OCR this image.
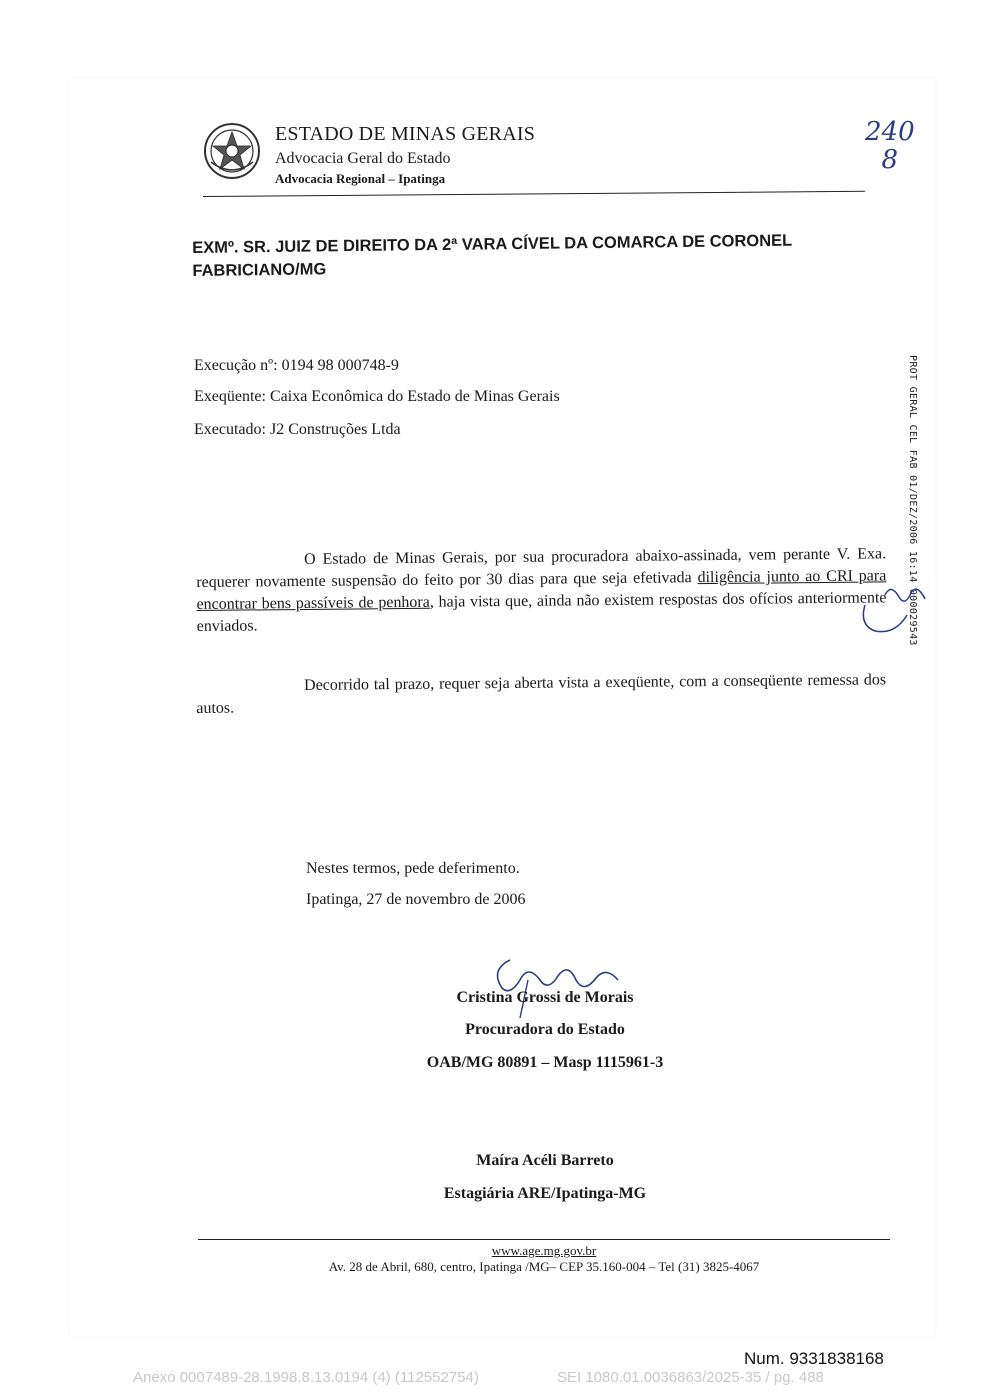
ESTADO DE MINAS GERAIS
Advocacia Geral do Estado
Advocacia Regional – Ipatinga
240
8
EXMº. SR. JUIZ DE DIREITO DA 2ª VARA CÍVEL DA COMARCA DE CORONEL FABRICIANO/MG
Execução nº: 0194 98 000748-9
Exeqüente: Caixa Econômica do Estado de Minas Gerais
Executado: J2 Construções Ltda	PROT GERAL CEL FAB 01/DEZ/2006 16:14 000029543
O Estado de Minas Gerais, por sua procuradora abaixo-assinada, vem perante V. Exa. requerer novamente suspensão do feito por 30 dias para que seja efetivada diligência junto ao CRI para encontrar bens passíveis de penhora, haja vista que, ainda não existem respostas dos ofícios anteriormente enviados.
Decorrido tal prazo, requer seja aberta vista a exeqüente, com a conseqüente remessa dos autos.
Nestes termos, pede deferimento.
Ipatinga, 27 de novembro de 2006
Cristina Grossi de Morais
Procuradora do Estado
OAB/MG 80891 – Masp 1115961-3
Maíra Acéli Barreto
Estagiária ARE/Ipatinga-MG
www.age.mg.gov.br
Av. 28 de Abril, 680, centro, Ipatinga /MG– CEP 35.160-004 – Tel (31) 3825-4067
Num. 9331838168
Anexo 0007489-28.1998.8.13.0194 (4) (112552754)	SEI 1080.01.0036863/2025-35 / pg. 488
